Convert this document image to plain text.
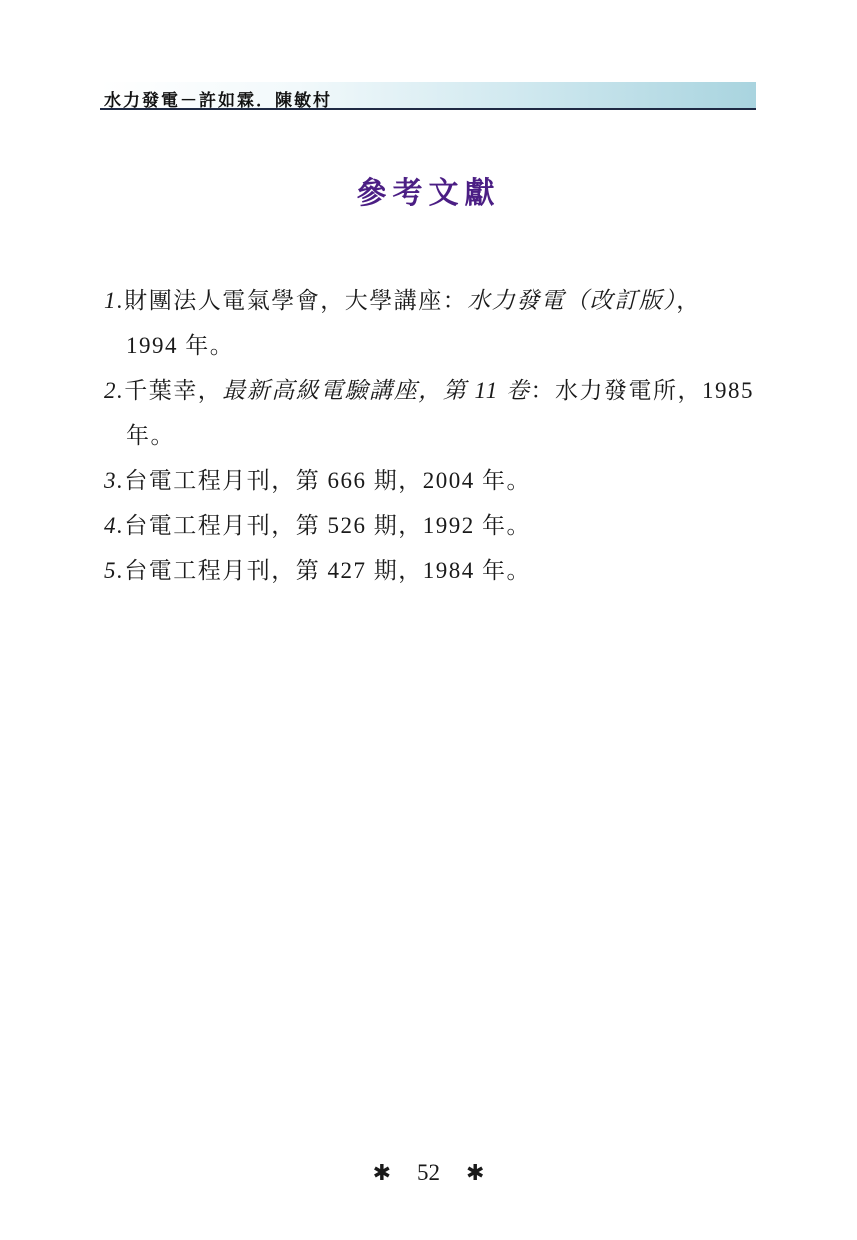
水力發電－許如霖．陳敏村
參考文獻
1.財團法人電氣學會，大學講座：水力發電（改訂版），
1994 年。
2.千葉幸，最新高級電驗講座，第 11 卷：水力發電所，1985
年。
3.台電工程月刊，第 666 期，2004 年。
4.台電工程月刊，第 526 期，1992 年。
5.台電工程月刊，第 427 期，1984 年。
✱ 52 ✱
